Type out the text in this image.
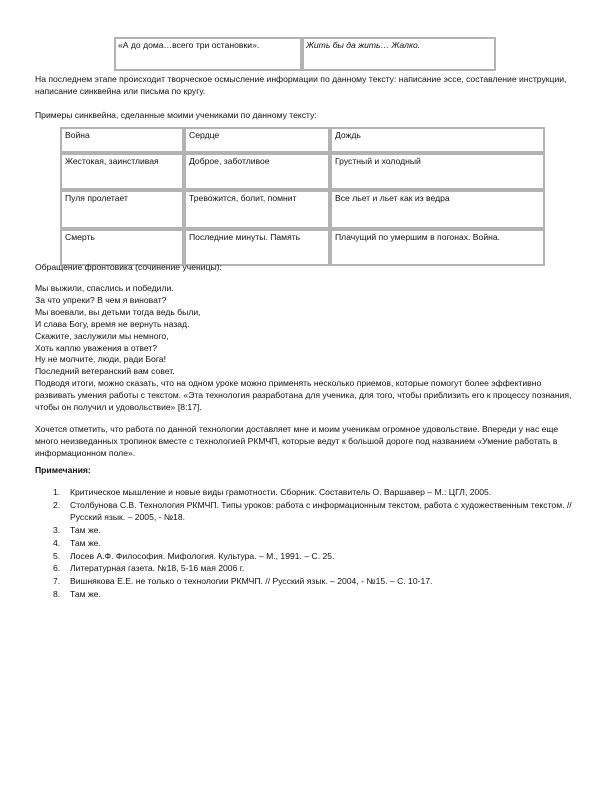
«А до дома…всего три остановки».	Жить бы да жить… Жалко.

На последнем этапе происходит творческое осмысление информации по данному тексту: написание эссе, составление инструкции, написание синквейна или письма по кругу.

Примеры синквейна, сделанные моими учениками по данному тексту:

Война	Сердце	Дождь
Жестокая, заинстливая	Доброе, заботливое	Грустный и холодный
Пуля пролетает	Тревожится, болит, помнит	Все льет и льет как из ведра
Смерть	Последние минуты. Память	Плачущий по умершим в погонах. Война.

Обращение фронтовика (сочинение ученицы):

Мы выжили, спаслись и победили.
За что упреки? В чем я виноват?
Мы воевали, вы детьми тогда ведь были,
И слава Богу, время не вернуть назад.
Скажите, заслужили мы немного,
Хоть каплю уважения в ответ?
Ну не молчите, люди, ради Бога!
Последний ветеранский вам совет.

Подводя итоги, можно сказать, что на одном уроке можно применять несколько приемов, которые помогут более эффективно развивать умения работы с текстом. «Эта технология разработана для ученика, для того, чтобы приблизить его к процессу познания, чтобы он получил и удовольствие» [8:17].

Хочется отметить, что работа по данной технологии доставляет мне и моим ученикам огромное удовольствие. Впереди у нас еще много неизведанных тропинок вместе с технологией РКМЧП, которые ведут к большой дороге под названием «Умение работать в информационном поле».

Примечания:

1. Критическое мышление и новые виды грамотности. Сборник. Составитель О. Варшавер – М.: ЦГЛ, 2005.
2. Столбунова С.В. Технология РКМЧП. Типы уроков: работа с информационным текстом, работа с художественным текстом. // Русский язык. – 2005, - №18.
3. Там же.
4. Там же.
5. Лосев А.Ф. Философия. Мифология. Культура. – М., 1991. – С. 25.
6. Литературная газета. №18, 5-16 мая 2006 г.
7. Вишнякова Е.Е. не только о технологии РКМЧП. // Русский язык. – 2004, - №15. – С. 10-17.
8. Там же.
